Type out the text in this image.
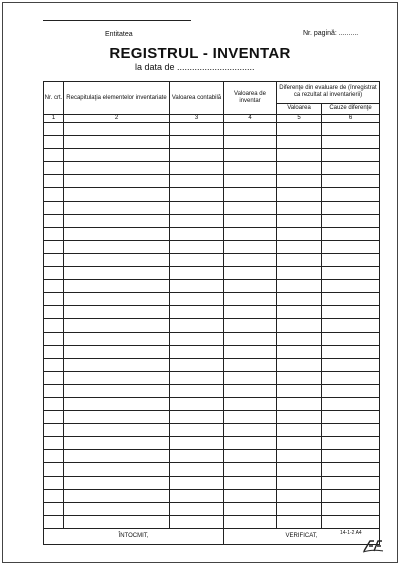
Entitatea	Nr. pagină: ..........
REGISTRUL - INVENTAR
la data de ...............................
Nr. crt.	Recapitulaţia elementelor inventariate	Valoarea contabilă	Valoarea de inventar	Diferenţe din evaluare de (înregistrat ca rezultat al inventarierii)	
				Valoarea	Cauze diferenţe
1	2	3	4	5	6

ÎNTOCMIT,			VERIFICAT,			14-1-2 A4
